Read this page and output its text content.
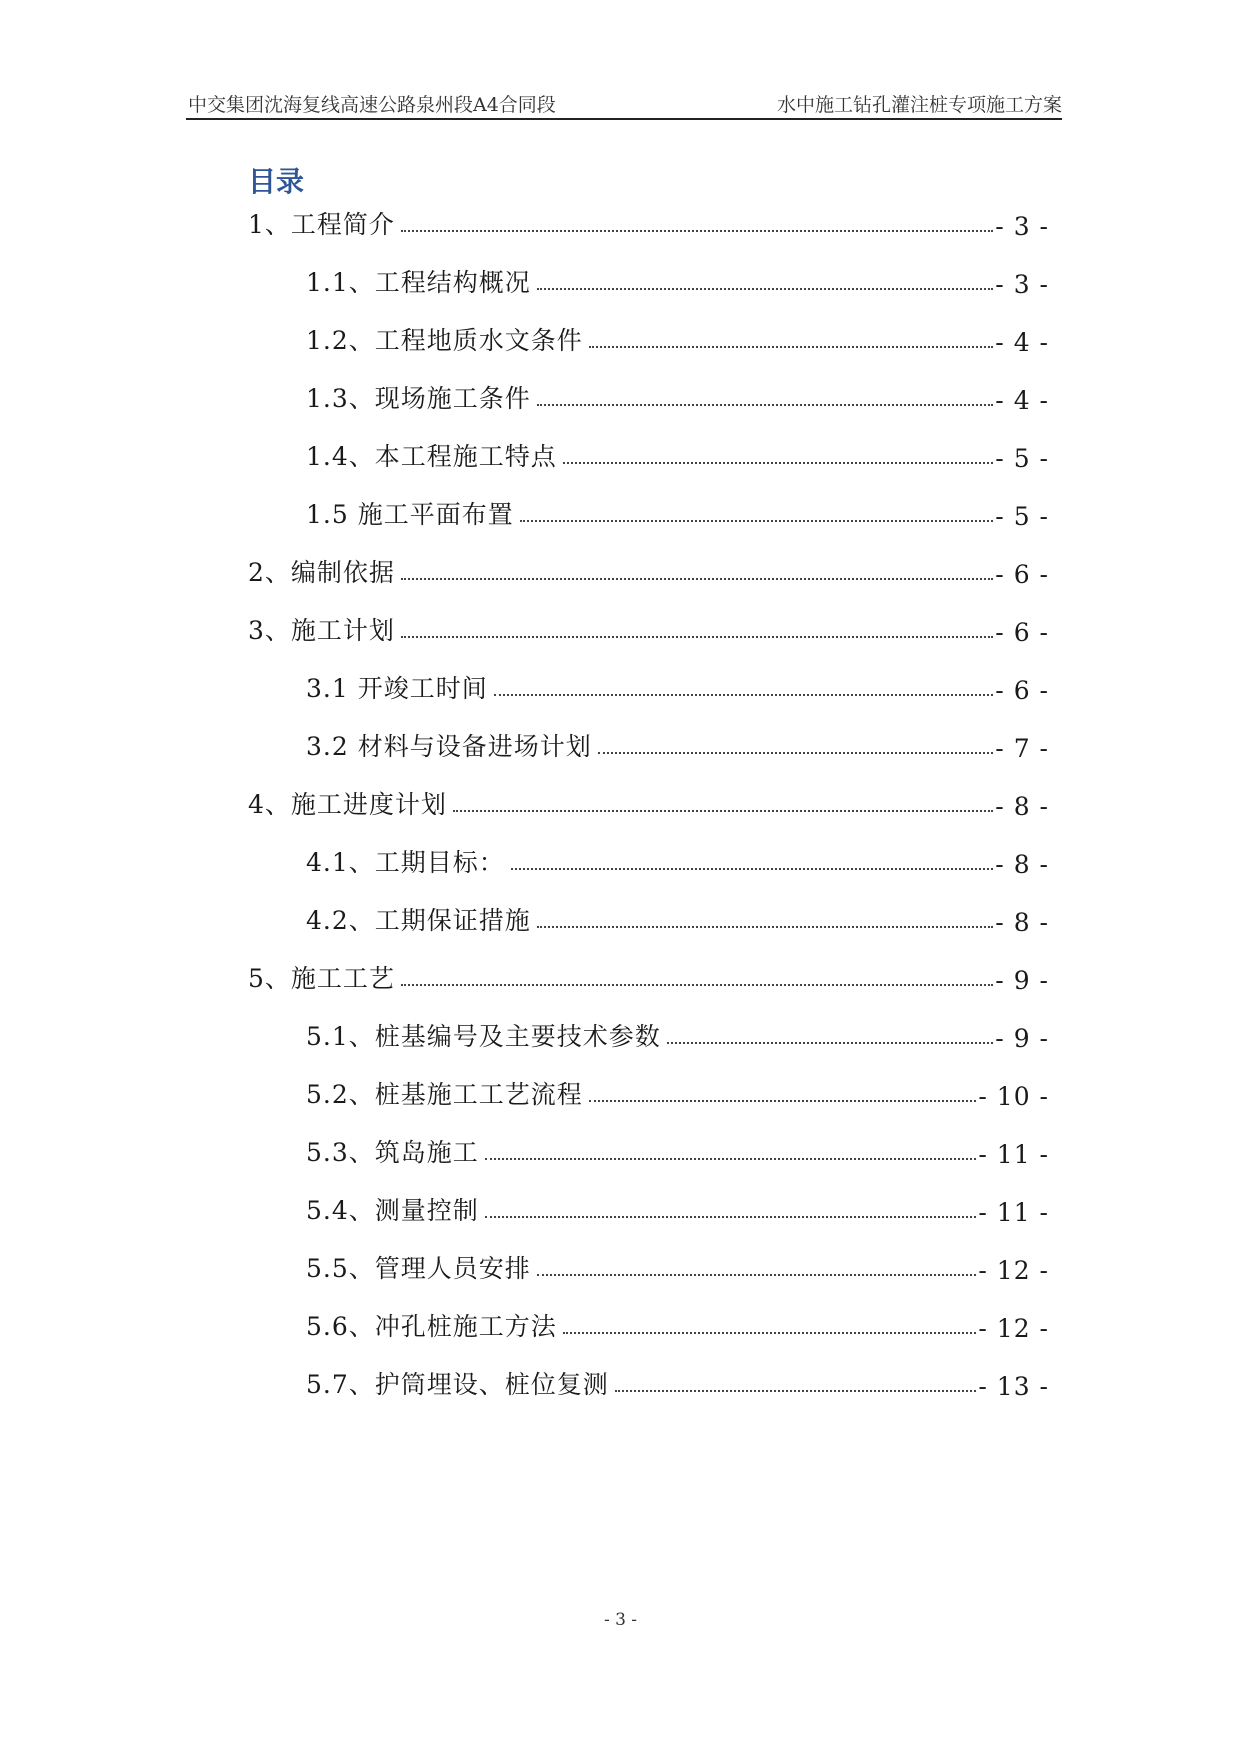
中交集团沈海复线高速公路泉州段A4合同段	水中施工钻孔灌注桩专项施工方案
目录
1、工程简介	- 3 -
1.1、工程结构概况	- 3 -
1.2、工程地质水文条件	- 4 -
1.3、现场施工条件	- 4 -
1.4、本工程施工特点	- 5 -
1.5 施工平面布置	- 5 -
2、编制依据	- 6 -
3、施工计划	- 6 -
3.1 开竣工时间	- 6 -
3.2 材料与设备进场计划	- 7 -
4、施工进度计划	- 8 -
4.1、工期目标：	- 8 -
4.2、工期保证措施	- 8 -
5、施工工艺	- 9 -
5.1、桩基编号及主要技术参数	- 9 -
5.2、桩基施工工艺流程	- 10 -
5.3、筑岛施工	- 11 -
5.4、测量控制	- 11 -
5.5、管理人员安排	- 12 -
5.6、冲孔桩施工方法	- 12 -
5.7、护筒埋设、桩位复测	- 13 -
- 3 -
